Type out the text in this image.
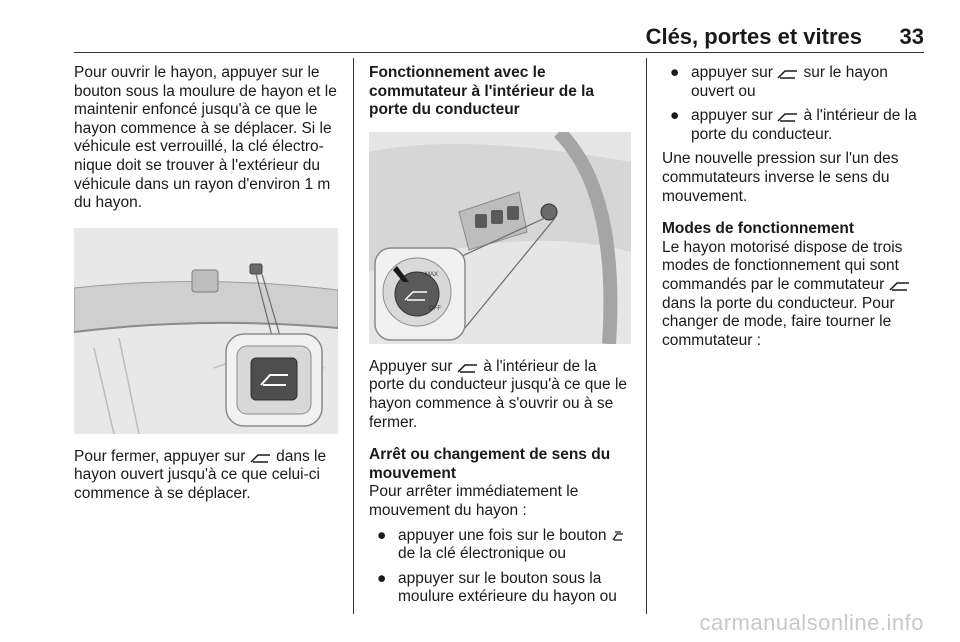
Clés, portes et vitres 33

Pour ouvrir le hayon, appuyer sur le bouton sous la moulure de hayon et le maintenir enfoncé jusqu'à ce que le hayon commence à se déplacer. Si le véhicule est verrouillé, la clé électro-nique doit se trouver à l'extérieur du véhicule dans un rayon d'environ 1 m du hayon.

Pour fermer, appuyer sur dans le hayon ouvert jusqu'à ce que celui-ci commence à se déplacer.

Fonctionnement avec le commutateur à l'intérieur de la porte du conducteur

MAX
OFF

Appuyer sur à l'intérieur de la porte du conducteur jusqu'à ce que le hayon commence à s'ouvrir ou à se fermer.

Arrêt ou changement de sens du mouvement

Pour arrêter immédiatement le mouvement du hayon :

● appuyer une fois sur le bouton  de la clé électronique ou
● appuyer sur le bouton sous la moulure extérieure du hayon ou
● appuyer sur sur le hayon ouvert ou
● appuyer sur à l'intérieur de la porte du conducteur.

Une nouvelle pression sur l'un des commutateurs inverse le sens du mouvement.

Modes de fonctionnement

Le hayon motorisé dispose de trois modes de fonctionnement qui sont commandés par le commutateur  dans la porte du conducteur. Pour changer de mode, faire tourner le commutateur :

carmanualsonline.info
